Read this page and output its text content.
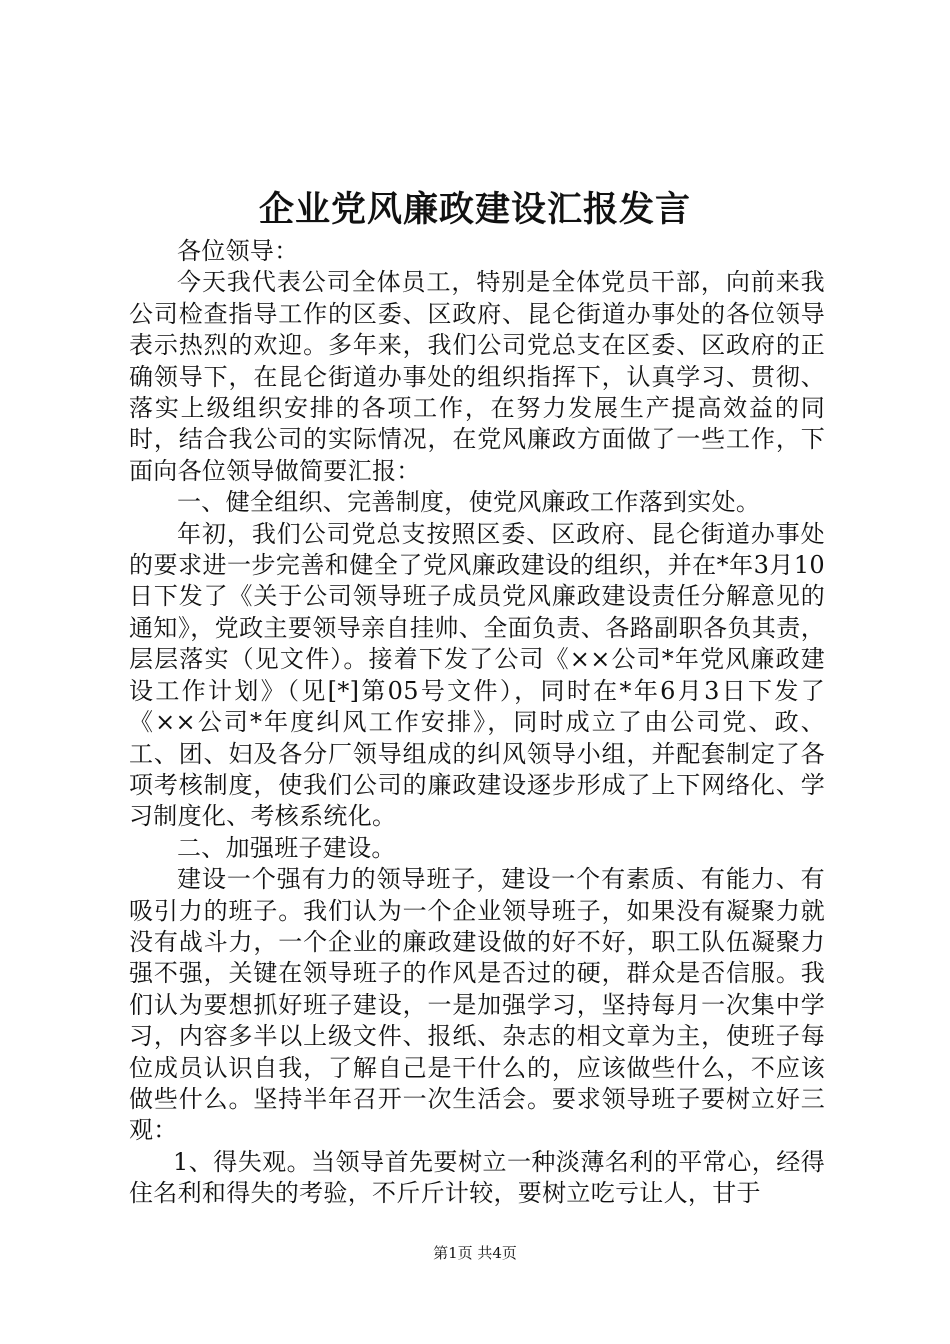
企业党风廉政建设汇报发言

各位领导：

今天我代表公司全体员工，特别是全体党员干部，向前来我公司检查指导工作的区委、区政府、昆仑街道办事处的各位领导表示热烈的欢迎。多年来，我们公司党总支在区委、区政府的正确领导下，在昆仑街道办事处的组织指挥下，认真学习、贯彻、落实上级组织安排的各项工作，在努力发展生产提高效益的同时，结合我公司的实际情况，在党风廉政方面做了一些工作，下面向各位领导做简要汇报：

一、健全组织、完善制度，使党风廉政工作落到实处。

年初，我们公司党总支按照区委、区政府、昆仑街道办事处的要求进一步完善和健全了党风廉政建设的组织，并在*年3月10日下发了《关于公司领导班子成员党风廉政建设责任分解意见的通知》，党政主要领导亲自挂帅、全面负责、各路副职各负其责，层层落实（见文件）。接着下发了公司《××公司*年党风廉政建设工作计划》（见[*]第05号文件），同时在*年6月3日下发了《××公司*年度纠风工作安排》，同时成立了由公司党、政、工、团、妇及各分厂领导组成的纠风领导小组，并配套制定了各项考核制度，使我们公司的廉政建设逐步形成了上下网络化、学习制度化、考核系统化。

二、加强班子建设。

建设一个强有力的领导班子，建设一个有素质、有能力、有吸引力的班子。我们认为一个企业领导班子，如果没有凝聚力就没有战斗力，一个企业的廉政建设做的好不好，职工队伍凝聚力强不强，关键在领导班子的作风是否过的硬，群众是否信服。我们认为要想抓好班子建设，一是加强学习，坚持每月一次集中学习，内容多半以上级文件、报纸、杂志的相文章为主，使班子每位成员认识自我，了解自己是干什么的，应该做些什么，不应该做些什么。坚持半年召开一次生活会。要求领导班子要树立好三观：

1、得失观。当领导首先要树立一种淡薄名利的平常心，经得住名利和得失的考验，不斤斤计较，要树立吃亏让人，甘于

第1页 共4页
